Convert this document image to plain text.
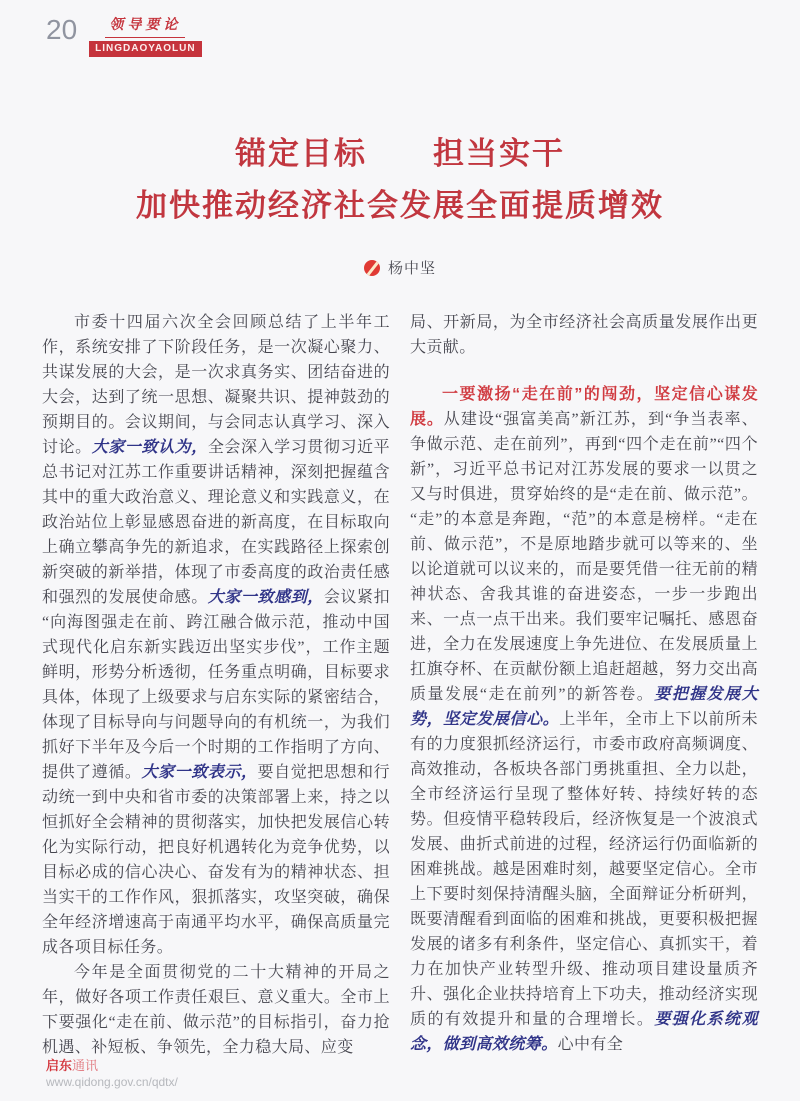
20 领导要论
LINGDAOYAOLUN
锚定目标　　担当实干
加快推动经济社会发展全面提质增效
杨中坚

市委十四届六次全会回顾总结了上半年工作，系统安排了下阶段任务，是一次凝心聚力、共谋发展的大会，是一次求真务实、团结奋进的大会，达到了统一思想、凝聚共识、提神鼓劲的预期目的。会议期间，与会同志认真学习、深入讨论。大家一致认为，全会深入学习贯彻习近平总书记对江苏工作重要讲话精神，深刻把握蕴含其中的重大政治意义、理论意义和实践意义，在政治站位上彰显感恩奋进的新高度，在目标取向上确立攀高争先的新追求，在实践路径上探索创新突破的新举措，体现了市委高度的政治责任感和强烈的发展使命感。大家一致感到，会议紧扣“向海图强走在前、跨江融合做示范，推动中国式现代化启东新实践迈出坚实步伐”，工作主题鲜明，形势分析透彻，任务重点明确，目标要求具体，体现了上级要求与启东实际的紧密结合，体现了目标导向与问题导向的有机统一，为我们抓好下半年及今后一个时期的工作指明了方向、提供了遵循。大家一致表示，要自觉把思想和行动统一到中央和省市委的决策部署上来，持之以恒抓好全会精神的贯彻落实，加快把发展信心转化为实际行动，把良好机遇转化为竞争优势，以目标必成的信心决心、奋发有为的精神状态、担当实干的工作作风，狠抓落实，攻坚突破，确保全年经济增速高于南通平均水平，确保高质量完成各项目标任务。

今年是全面贯彻党的二十大精神的开局之年，做好各项工作责任艰巨、意义重大。全市上下要强化“走在前、做示范”的目标指引，奋力抢机遇、补短板、争领先，全力稳大局、应变

局、开新局，为全市经济社会高质量发展作出更大贡献。

一要激扬“走在前”的闯劲，坚定信心谋发展。从建设“强富美高”新江苏，到“争当表率、争做示范、走在前列”，再到“四个走在前”“四个新”，习近平总书记对江苏发展的要求一以贯之又与时俱进，贯穿始终的是“走在前、做示范”。“走”的本意是奔跑，“范”的本意是榜样。“走在前、做示范”，不是原地踏步就可以等来的、坐以论道就可以议来的，而是要凭借一往无前的精神状态、舍我其谁的奋进姿态，一步一步跑出来、一点一点干出来。我们要牢记嘱托、感恩奋进，全力在发展速度上争先进位、在发展质量上扛旗夺杯、在贡献份额上追赶超越，努力交出高质量发展“走在前列”的新答卷。要把握发展大势，坚定发展信心。上半年，全市上下以前所未有的力度狠抓经济运行，市委市政府高频调度、高效推动，各板块各部门勇挑重担、全力以赴，全市经济运行呈现了整体好转、持续好转的态势。但疫情平稳转段后，经济恢复是一个波浪式发展、曲折式前进的过程，经济运行仍面临新的困难挑战。越是困难时刻，越要坚定信心。全市上下要时刻保持清醒头脑，全面辩证分析研判，既要清醒看到面临的困难和挑战，更要积极把握发展的诸多有利条件，坚定信心、真抓实干，着力在加快产业转型升级、推动项目建设量质齐升、强化企业扶持培育上下功夫，推动经济实现质的有效提升和量的合理增长。要强化系统观念，做到高效统筹。心中有全

启东通讯
www.qidong.gov.cn/qdtx/
